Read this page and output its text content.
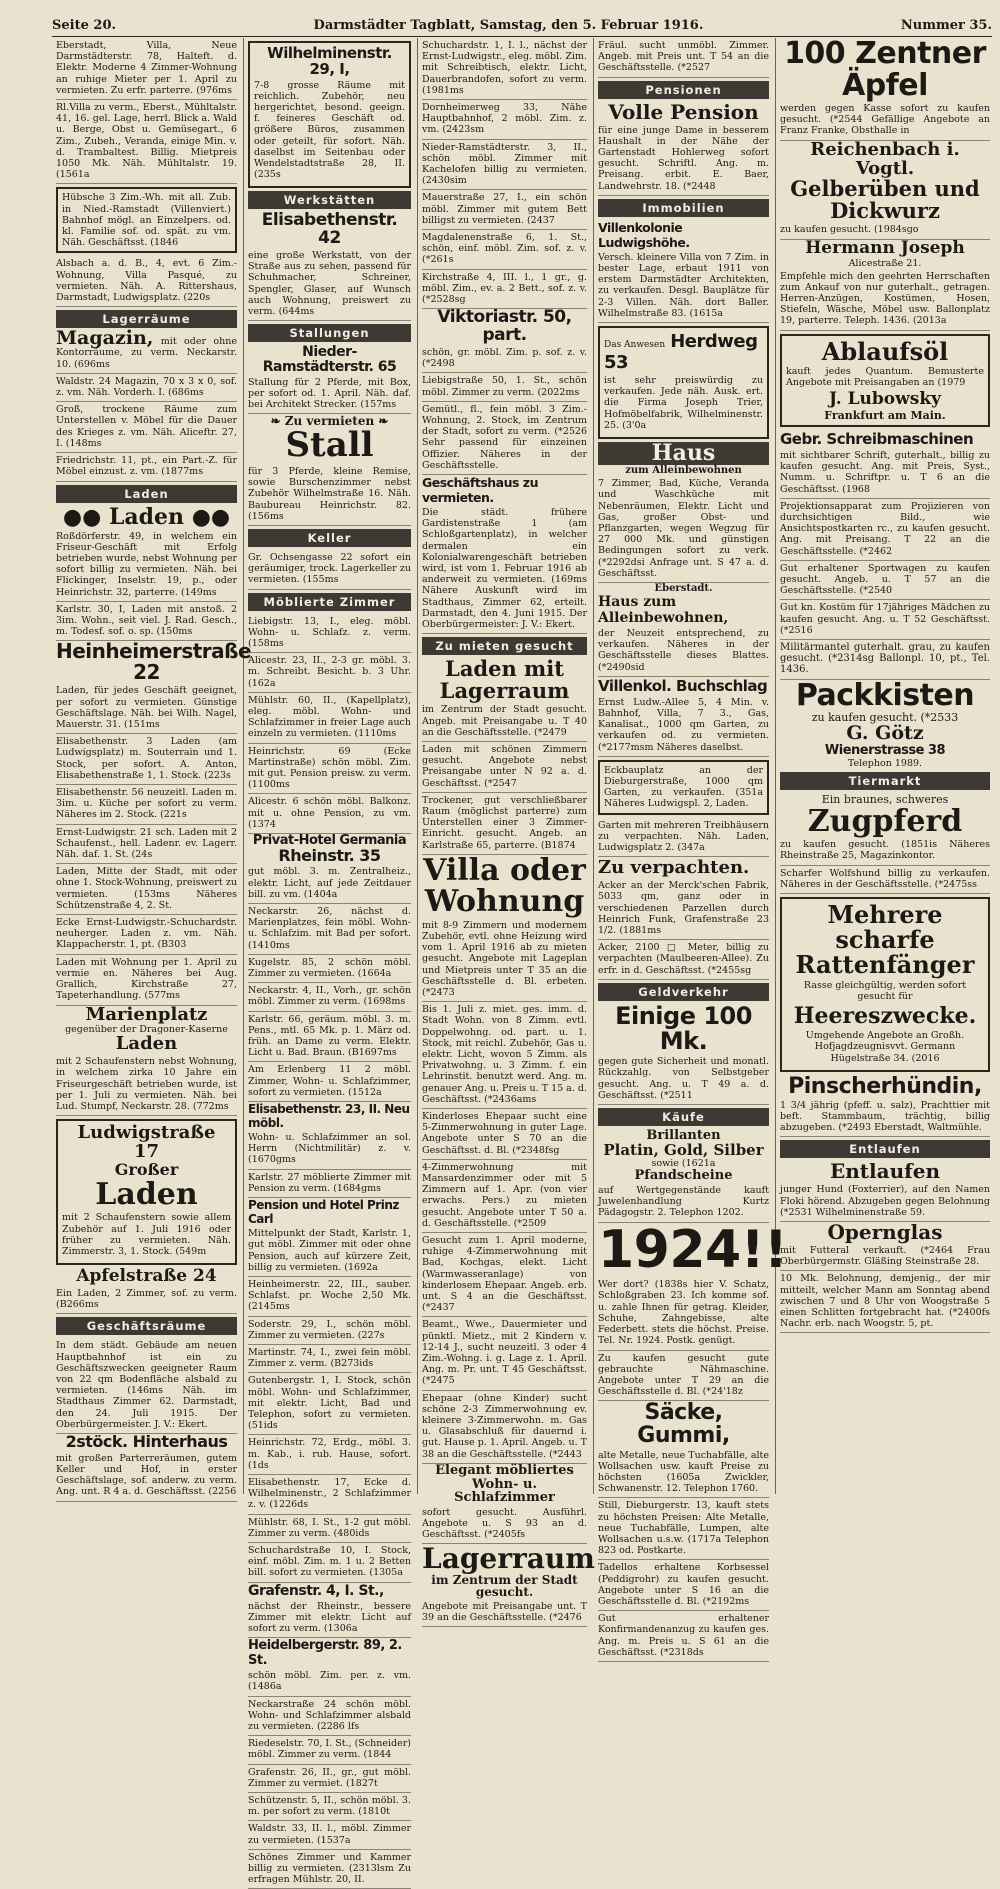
Seite 20.	Darmstädter Tagblatt, Samstag, den 5. Februar 1916.	Nummer 35.
Eberstadt, Villa, Neue Darmstädterstr. 78, Halteft. d. Elektr. Moderne 4 Zimmer-Wohnung an ruhige Mieter per 1. April zu vermieten. Zu erfr. parterre. (976ms
Rl.Villa zu verm., Eberst., Mühltalstr. 41, 16. gel. Lage, herrl. Blick a. Wald u. Berge, Obst u. Gemüsegart., 6 Zim., Zubeh., Veranda, einige Min. v. d. Trambaltest. Billig. Mietpreis 1050 Mk. Näh. Mühltalstr. 19. (1561a
Hübsche 3 Zim.-Wh. mit all. Zub. in Nied.-Ramstadt (Villenviert.) Bahnhof mögl. an Einzelpers. od. kl. Familie sof. od. spät. zu vm. Näh. Geschäftsst. (1846
Alsbach a. d. B., 4, evt. 6 Zim.-Wohnung, Villa Pasqué, zu vermieten. Näh. A. Rittershaus, Darmstadt, Ludwigsplatz. (220s
Lagerräume
Magazin, mit oder ohne Kontorräume, zu verm. Neckarstr. 10. (696ms
Waldstr. 24 Magazin, 70 x 3 x 0, sof. z. vm. Näh. Vorderh. I. (686ms
Groß, trockene Räume zum Unterstellen v. Möbel für die Dauer des Krieges z. vm. Näh. Aliceftr. 27, I. (148ms
Friedrichstr. 11, pt., ein Part.-Z. für Möbel einzust. z. vm. (1877ms
Laden
●● Laden ●●
Roßdörferstr. 49, in welchem ein Friseur-Geschäft mit Erfolg betrieben wurde, nebst Wohnung per sofort billig zu vermieten. Näh. bei Flickinger, Inselstr. 19, p., oder Heinrichstr. 32, parterre. (149ms
Karlstr. 30, I, Laden mit anstoß. 2 3im. Wohn., seit viel. J. Rad. Gesch., m. Todesf. sof. o. sp. (150ms
Heinheimerstraße 22
Laden, für jedes Geschäft geeignet, per sofort zu vermieten. Günstige Geschäftslage. Näh. bei Wilh. Nagel, Mauerstr. 31. (151ms
Elisabethenstr. 3 Laden (am Ludwigsplatz) m. Souterrain und 1. Stock, per sofort. A. Anton, Elisabethenstraße 1, 1. Stock. (223s
Elisabethenstr. 56 neuzeitl. Laden m. 3im. u. Küche per sofort zu verm. Näheres im 2. Stock. (221s
Ernst-Ludwigstr. 21 sch. Laden mit 2 Schaufenst., hell. Ladenr. ev. Lagerr. Näh. daf. 1. St. (24s
Laden, Mitte der Stadt, mit oder ohne 1. Stock-Wohnung, preiswert zu vermieten. (153ms Näheres Schützenstraße 4, 2. St.
Ecke Ernst-Ludwigstr.-Schuchardstr. neuherger. Laden z. vm. Näh. Klappacherstr. 1, pt. (B303
Laden mit Wohnung per 1. April zu vermie en. Näheres bei Aug. Grallich, Kirchstraße 27, Tapeterhandlung. (577ms
Marienplatz
gegenüber der Dragoner-Kaserne
Laden
mit 2 Schaufenstern nebst Wohnung, in welchem zirka 10 Jahre ein Friseurgeschäft betrieben wurde, ist per 1. Juli zu vermieten. Näh. bei Lud. Stumpf, Neckarstr. 28. (772ms
Ludwigstraße 17
Großer
Laden
mit 2 Schaufenstern sowie allem Zubehör auf 1. Juli 1916 oder früher zu vermieten. Näh. Zimmerstr. 3, 1. Stock. (549m
Apfelstraße 24
Ein Laden, 2 Zimmer, sof. zu verm. (B266ms
Geschäftsräume
In dem städt. Gebäude am neuen Hauptbahnhof ist ein zu Geschäftszwecken geeigneter Raum von 22 qm Bodenfläche alsbald zu vermieten. (146ms Näh. im Stadthaus Zimmer 62. Darmstadt, den 24. Juli 1915. Der Oberbürgermeister. J. V.: Ekert.
2stöck. Hinterhaus
mit großen Parterreräumen, gutem Keller und Hof, in erster Geschäftslage, sof. anderw. zu verm. Ang. unt. R 4 a. d. Geschäftsst. (2256
Wilhelminenstr. 29, I,
7-8 grosse Räume mit reichlich. Zubehör, neu hergerichtet, besond. geeign. f. feineres Geschäft od. größere Büros, zusammen oder geteilt, für sofort. Näh. daselbst im Seitenbau oder Wendelstadtstraße 28, II. (235s
Werkstätten
Elisabethenstr. 42
eine große Werkstatt, von der Straße aus zu sehen, passend für Schuhmacher, Schreiner, Spengler, Glaser, auf Wunsch auch Wohnung, preiswert zu verm. (644ms
Stallungen
Nieder-Ramstädterstr. 65
Stallung für 2 Pferde, mit Box, per sofort od. 1. April. Näh. daf. bei Architekt Strecker. (157ms
❧ Zu vermieten ❧
Stall
für 3 Pferde, kleine Remise, sowie Burschenzimmer nebst Zubehör Wilhelmstraße 16. Näh. Baubureau Heinrichstr. 82. (156ms
Keller
Gr. Ochsengasse 22 sofort ein geräumiger, trock. Lagerkeller zu vermieten. (155ms
Möblierte Zimmer
Liebigstr. 13, I., eleg. möbl. Wohn- u. Schlafz. z. verm. (158ms
Alicestr. 23, II., 2-3 gr. möbl. 3. m. Schreibt. Besicht. b. 3 Uhr. (162a
Mühlstr. 60, II., (Kapellplatz), eleg. möbl. Wohn- und Schlafzimmer in freier Lage auch einzeln zu vermieten. (1110ms
Heinrichstr. 69 (Ecke Martinstraße) schön möbl. Zim. mit gut. Pension preisw. zu verm. (1100ms
Alicestr. 6 schön möbl. Balkonz. mit u. ohne Pension, zu vm. (1374
Privat-Hotel Germania
Rheinstr. 35
gut möbl. 3. m. Zentralheiz., elektr. Licht, auf jede Zeitdauer bill. zu vm. (1404a
Neckarstr. 26, nächst d. Marienplatzes, fein möbl. Wohn- u. Schlafzim. mit Bad per sofort. (1410ms
Kugelstr. 85, 2 schön möbl. Zimmer zu vermieten. (1664a
Neckarstr. 4, II., Vorh., gr. schön möbl. Zimmer zu verm. (1698ms
Karlstr. 66, geräum. möbl. 3. m. Pens., mtl. 65 Mk. p. 1. März od. früh. an Dame zu verm. Elektr. Licht u. Bad. Braun. (B1697ms
Am Erlenberg 11 2 möbl. Zimmer, Wohn- u. Schlafzimmer, sofort zu vermieten. (1512a
Elisabethenstr. 23, II. Neu möbl.
Wohn- u. Schlafzimmer an sol. Herrn (Nichtmilitär) z. v. (1670gms
Karlstr. 27 möblierte Zimmer mit Pension zu verm. (1684gms
Pension und Hotel Prinz Carl
Mittelpunkt der Stadt, Karlstr. 1, gut möbl. Zimmer mit oder ohne Pension, auch auf kürzere Zeit, billig zu vermieten. (1692a
Heinheimerstr. 22, III., sauber. Schlafst. pr. Woche 2,50 Mk. (2145ms
Soderstr. 29, I., schön möbl. Zimmer zu vermieten. (227s
Martinstr. 74, I., zwei fein möbl. Zimmer z. verm. (B273ids
Gutenbergstr. 1, I. Stock, schön möbl. Wohn- und Schlafzimmer, mit elektr. Licht, Bad und Telephon, sofort zu vermieten. (51ids
Heinrichstr. 72, Erdg., möbl. 3. m. Kab., i. rub. Hause, sofort. (1ds
Elisabethenstr. 17, Ecke d. Wilhelminenstr., 2 Schlafzimmer z. v. (1226ds
Mühlstr. 68, I. St., 1-2 gut möbl. Zimmer zu verm. (480ids
Schuchardstraße 10, I. Stock, einf. möbl. Zim. m. 1 u. 2 Betten bill. sofort zu vermieten. (1305a
Grafenstr. 4, I. St.,
nächst der Rheinstr., bessere Zimmer mit elektr. Licht auf sofort zu verm. (1306a
Heidelbergerstr. 89, 2. St.
schön möbl. Zim. per. z. vm. (1486a
Neckarstraße 24 schön möbl. Wohn- und Schlafzimmer alsbald zu vermieten. (2286 lfs
Riedeselstr. 70, I. St., (Schneider) möbl. Zimmer zu verm. (1844
Grafenstr. 26, II., gr., gut möbl. Zimmer zu vermiet. (1827t
Schützenstr. 5, II., schön möbl. 3. m. per sofort zu verm. (1810t
Waldstr. 33, II. l., möbl. Zimmer zu vermieten. (1537a
Schönes Zimmer und Kammer billig zu vermieten. (2313lsm Zu erfragen Mühlstr. 20, II.
Schuchardstr. 1, I. l., nächst der Ernst-Ludwigstr., eleg. möbl. Zim. mit Schreibtisch, elektr. Licht, Dauerbrandofen, sofort zu verm. (1981ms
Dornheimerweg 33, Nähe Hauptbahnhof, 2 möbl. Zim. z. vm. (2423sm
Nieder-Ramstädterstr. 3, II., schön möbl. Zimmer mit Kachelofen billig zu vermieten. (2430sim
Mauerstraße 27, I., ein schön möbl. Zimmer mit gutem Bett billigst zu vermieten. (2437
Magdalenenstraße 6, 1. St., schön, einf. möbl. Zim. sof. z. v. (*261s
Kirchstraße 4, III. l., 1 gr., g. möbl. Zim., ev. a. 2 Bett., sof. z. v. (*2528sg
Viktoriastr. 50, part.
schön, gr. möbl. Zim. p. sof. z. v. (*2498
Liebigstraße 50, 1. St., schön möbl. Zimmer zu verm. (2022ms
Gemütl., fl., fein möbl. 3 Zim.-Wohnung, 2. Stock, im Zentrum der Stadt, sofort zu verm. (*2526 Sehr passend für einzeinen Offizier. Näheres in der Geschäftsstelle.
Geschäftshaus zu vermieten.
Die städt. frühere Gardistenstraße 1 (am Schloßgartenplatz), in welcher dermalen ein Kolonialwarengeschäft betrieben wird, ist vom 1. Februar 1916 ab anderweit zu vermieten. (169ms Nähere Auskunft wird im Stadthaus, Zimmer 62, erteilt. Darmstadt, den 4. Juni 1915. Der Oberbürgermeister: J. V.: Ekert.
Zu mieten gesucht
Laden mit Lagerraum
im Zentrum der Stadt gesucht. Angeb. mit Preisangabe u. T 40 an die Geschäftsstelle. (*2479
Laden mit schönen Zimmern gesucht. Angebote nebst Preisangabe unter N 92 a. d. Geschäftsst. (*2547
Trockener, gut verschließbarer Raum (möglichst parterre) zum Unterstellen einer 3 Zimmer-Einricht. gesucht. Angeb. an Karlstraße 65, parterre. (B1874
Villa oder Wohnung
mit 8-9 Zimmern und modernem Zubehör, evtl. ohne Heizung wird vom 1. April 1916 ab zu mieten gesucht. Angebote mit Lageplan und Mietpreis unter T 35 an die Geschäftsstelle d. Bl. erbeten. (*2473
Bis 1. Juli z. miet. ges. imm. d. Stadt Wohn. von 8 Zimm. evtl. Doppelwohng. od. part. u. 1. Stock, mit reichl. Zubehör, Gas u. elektr. Licht, wovon 5 Zimm. als Privatwohng. u. 3 Zimm. f. ein Lehrinstit. benutzt werd. Ang. m. genauer Ang. u. Preis u. T 15 a. d. Geschäftsst. (*2436ams
Kinderloses Ehepaar sucht eine 5-Zimmerwohnung in guter Lage. Angebote unter S 70 an die Geschäftsst. d. Bl. (*2348fsg
4-Zimmerwohnung mit Mansardenzimmer oder mit 5 Zimmern auf 1. Apr. (von vier erwachs. Pers.) zu mieten gesucht. Angebote unter T 50 a. d. Geschäftsstelle. (*2509
Gesucht zum 1. April moderne, ruhige 4-Zimmerwohnung mit Bad, Kochgas, elekt. Licht (Warmwasseranlage) von kinderlosem Ehepaar. Angeb. erb. unt. S 4 an die Geschäftsst. (*2437
Beamt., Wwe., Dauermieter und pünktl. Mietz., mit 2 Kindern v. 12-14 J., sucht neuzeitl. 3 oder 4 Zim.-Wohng. i. g. Lage z. 1. April. Ang. m. Pr. unt. T 45 Geschäftsst. (*2475
Ehepaar (ohne Kinder) sucht schöne 2-3 Zimmerwohnung ev. kleinere 3-Zimmerwohn. m. Gas u. Glasabschluß für dauernd i. gut. Hause p. 1. April. Angeb. u. T 38 an die Geschäftsstelle. (*2443
Elegant möbliertes Wohn- u. Schlafzimmer
sofort gesucht. Ausführl. Angebote u. S 93 an d. Geschäftsst. (*2405fs
Lagerraum
im Zentrum der Stadt gesucht.
Angebote mit Preisangabe unt. T 39 an die Geschäftsstelle. (*2476
Fräul. sucht unmöbl. Zimmer. Angeb. mit Preis unt. T 54 an die Geschäftsstelle. (*2527
Pensionen
Volle Pension
für eine junge Dame in besserem Haushalt in der Nähe der Gartenstadt Hohlerweg sofort gesucht. Schriftl. Ang. m. Preisang. erbit. E. Baer, Landwehrstr. 18. (*2448
Immobilien
Villenkolonie Ludwigshöhe.
Versch. kleinere Villa von 7 Zim. in bester Lage, erbaut 1911 von erstem Darmstädter Architekten, zu verkaufen. Desgl. Bauplätze für 2-3 Villen. Näh. dort Baller. Wilhelmstraße 83. (1615a
Das Anwesen Herdweg 53
ist sehr preiswürdig zu verkaufen. Jede näh. Ausk. ert. die Firma Joseph Trier, Hofmöbelfabrik, Wilhelminenstr. 25. (3'0a
Haus
zum Alleinbewohnen
7 Zimmer, Bad, Küche, Veranda und Waschküche mit Nebenräumen, Elektr. Licht und Gas, großer Obst- und Pflanzgarten, wegen Wegzug für 27 000 Mk. und günstigen Bedingungen sofort zu verk. (*2292dsi Anfrage unt. S 47 a. d. Geschäftsst.
Eberstadt.
Haus zum Alleinbewohnen,
der Neuzeit entsprechend, zu verkaufen. Näheres in der Geschäftsstelle dieses Blattes. (*2490sid
Villenkol. Buchschlag
Ernst Ludw.-Allee 5, 4 Min. v. Bahnhof, Villa, 7 3., Gas, Kanalisat., 1000 qm Garten, zu verkaufen od. zu vermieten. (*2177msm Näheres daselbst.
Eckbauplatz an der Dieburgerstraße, 1000 qm Garten, zu verkaufen. (351a Näheres Ludwigspl. 2, Laden.
Garten mit mehreren Treibhäusern zu verpachten. Näh. Laden, Ludwigsplatz 2. (347a
Zu verpachten.
Acker an der Merck'schen Fabrik, 5033 qm, ganz oder in verschiedenen Parzellen durch Heinrich Funk, Grafenstraße 23 1/2. (1881ms
Acker, 2100 □ Meter, billig zu verpachten (Maulbeeren-Allee). Zu erfr. in d. Geschäftsst. (*2455sg
Geldverkehr
Einige 100 Mk.
gegen gute Sicherheit und monatl. Rückzahlg. von Selbstgeber gesucht. Ang. u. T 49 a. d. Geschäftsst. (*2511
Käufe
Brillanten
Platin, Gold, Silber
sowie (1621a
Pfandscheine
auf Wertgegenstände kauft Juwelenhandlung Kurtz Pädagogstr. 2. Telephon 1202.
1924!!
Wer dort? (1838s hier V. Schatz, Schloßgraben 23. Ich komme sof. u. zahle Ihnen für getrag. Kleider, Schuhe, Zahngebisse, alte Federbett. stets die höchst. Preise. Tel. Nr. 1924. Postk. genügt.
Zu kaufen gesucht gute gebrauchte Nähmaschine. Angebote unter T 29 an die Geschäftsstelle d. Bl. (*24'18z
Säcke, Gummi,
alte Metalle, neue Tuchabfälle, alte Wollsachen usw. kauft Preise zu höchsten (1605a Zwickler, Schwanenstr. 12. Telephon 1760.
Still, Dieburgerstr. 13, kauft stets zu höchsten Preisen: Alte Metalle, neue Tuchabfälle, Lumpen, alte Wollsachen u.s.w. (1717a Telephon 823 od. Postkarte.
Tadellos erhaltene Korbsessel (Peddigrohr) zu kaufen gesucht. Angebote unter S 16 an die Geschäftsstelle d. Bl. (*2192ms
Gut erhaltener Konfirmandenanzug zu kaufen ges. Ang. m. Preis u. S 61 an die Geschäftsst. (*2318ds
100 Zentner Äpfel
werden gegen Kasse sofort zu kaufen gesucht. (*2544 Gefällige Angebote an Franz Franke, Obsthalle in
Reichenbach i. Vogtl.
Gelberüben und Dickwurz
zu kaufen gesucht. (1984sgo
Hermann Joseph
Alicestraße 21.
Empfehle mich den geehrten Herrschaften zum Ankauf von nur guterhalt., getragen. Herren-Anzügen, Kostümen, Hosen, Stiefeln, Wäsche, Möbel usw. Ballonplatz 19, parterre. Teleph. 1436. (2013a
Ablaufsöl
kauft jedes Quantum. Bemusterte Angebote mit Preisangaben an (1979
J. Lubowsky
Frankfurt am Main.
Gebr. Schreibmaschinen
mit sichtbarer Schrift, guterhalt., billig zu kaufen gesucht. Ang. mit Preis, Syst., Numm. u. Schriftpr. u. T 6 an die Geschäftsst. (1968
Projektionsapparat zum Projizieren von durchsichtigen Bild., wie Ansichtspostkarten rc., zu kaufen gesucht. Ang. mit Preisang. T 22 an die Geschäftsstelle. (*2462
Gut erhaltener Sportwagen zu kaufen gesucht. Angeb. u. T 57 an die Geschäftsstelle. (*2540
Gut kn. Kostüm für 17jähriges Mädchen zu kaufen gesucht. Ang. u. T 52 Geschäftsst. (*2516
Militärmantel guterhalt. grau, zu kaufen gesucht. (*2314sg Ballonpl. 10, pt., Tel. 1436.
Packkisten
zu kaufen gesucht. (*2533
G. Götz
Wienerstrasse 38
Telephon 1989.
Tiermarkt
Ein braunes, schweres
Zugpferd
zu kaufen gesucht. (1851is Näheres Rheinstraße 25, Magazinkontor.
Scharfer Wolfshund billig zu verkaufen. Näheres in der Geschäftsstelle. (*2475ss
Mehrere scharfe Rattenfänger
Rasse gleichgültig, werden sofort gesucht für
Heereszwecke.
Umgehende Angebote an Großh. Hofjagdzeugnisvvt. Germann Hügelstraße 34. (2016
Pinscherhündin,
1 3/4 jährig (pfeff. u. salz), Prachttier mit beft. Stammbaum, trächtig, billig abzugeben. (*2493 Eberstadt, Waltmühle.
Entlaufen
Entlaufen
junger Hund (Foxterrier), auf den Namen Floki hörend. Abzugeben gegen Belohnung (*2531 Wilhelminenstraße 59.
Opernglas
mit Futteral verkauft. (*2464 Frau Oberbürgermstr. Gläßing Steinstraße 28.
10 Mk. Belohnung, demjenig., der mir mitteilt, welcher Mann am Sonntag abend zwischen 7 und 8 Uhr von Woogstraße 5 einen Schlitten fortgebracht hat. (*2400fs Nachr. erb. nach Woogstr. 5, pt.
